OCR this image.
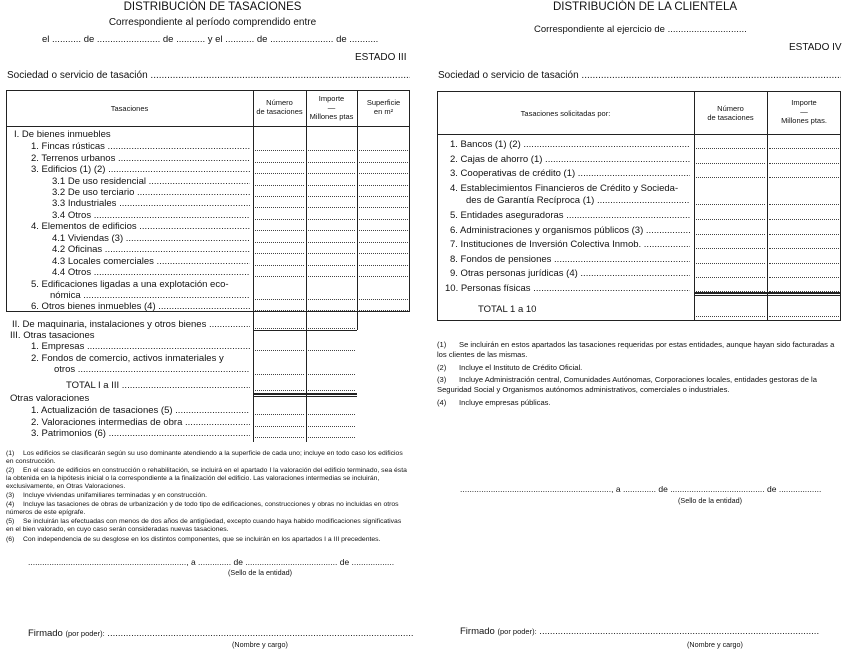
DISTRIBUCIÓN DE TASACIONES
Correspondiente al período comprendido entre
el ........... de ........................ de ........... y el ........... de ........................ de ...........
ESTADO III
Sociedad o servicio de tasación .....
Tasaciones
Número
de tasaciones
Importe
—
Millones ptas
Superficie
en m²
I. De bienes inmuebles
1. Fincas rústicas .....
2. Terrenos urbanos .....
3. Edificios (1) (2) .....
3.1 De uso residencial .....
3.2 De uso terciario .....
3.3 Industriales .....
3.4 Otros .....
4. Elementos de edificios .....
4.1 Viviendas (3) .....
4.2 Oficinas .....
4.3 Locales comerciales .....
4.4 Otros .....
5. Edificaciones ligadas a una explotación eco-
nómica .....
6. Otros bienes inmuebles (4) .....
II. De maquinaria, instalaciones y otros bienes .....
III. Otras tasaciones
1. Empresas .....
2. Fondos de comercio, activos inmateriales y
otros .....
TOTAL I a III .....
Otras valoraciones
1. Actualización de tasaciones (5) .....
2. Valoraciones intermedias de obra .....
3. Patrimonios (6) .....
(1) Los edificios se clasificarán según su uso dominante atendiendo a la superficie de cada uno; incluye en todo caso los edificios en construcción.
(2) En el caso de edificios en construcción o rehabilitación, se incluirá en el apartado I la valoración del edificio terminado, sea ésta la obtenida en la hipótesis inicial o la correspondiente a la finalización del edificio. Las valoraciones intermedias se incluirán, exclusivamente, en Otras Valoraciones.
(3) Incluye viviendas unifamiliares terminadas y en construcción.
(4) Incluye las tasaciones de obras de urbanización y de todo tipo de edificaciones, construcciones y obras no incluidas en otros números de este epígrafe.
(5) Se incluirán las efectuadas con menos de dos años de antigüedad, excepto cuando haya habido modificaciones significativas en el bien valorado, en cuyo caso serán consideradas nuevas tasaciones.
(6) Con independencia de su desglose en los distintos componentes, que se incluirán en los apartados I a III precedentes.
..................................................................., a .............. de ....................................... de ..................
(Sello de la entidad)
Firmado (por poder): .....
(Nombre y cargo)
DISTRIBUCIÓN DE LA CLIENTELA
Correspondiente al ejercicio de ..............................
ESTADO IV
Sociedad o servicio de tasación .....
Tasaciones solicitadas por:
Número
de tasaciones
Importe
—
Millones ptas.
1. Bancos (1) (2) .....
2. Cajas de ahorro (1) .....
3. Cooperativas de crédito (1) .....
4. Establecimientos Financieros de Crédito y Socieda-
des de Garantía Recíproca (1) .....
5. Entidades aseguradoras .....
6. Administraciones y organismos públicos (3) .....
7. Instituciones de Inversión Colectiva Inmob. .....
8. Fondos de pensiones .....
9. Otras personas jurídicas (4) .....
10. Personas físicas .....
TOTAL 1 a 10
(1) Se incluirán en estos apartados las tasaciones requeridas por estas entidades, aunque hayan sido facturadas a los clientes de las mismas.
(2) Incluye el Instituto de Crédito Oficial.
(3) Incluye Administración central, Comunidades Autónomas, Corporaciones locales, entidades gestoras de la Seguridad Social y Organismos autónomos administrativos, comerciales o industriales.
(4) Incluye empresas públicas.
................................................................, a .............. de ........................................ de ..................
(Sello de la entidad)
Firmado (por poder): .....
(Nombre y cargo)
